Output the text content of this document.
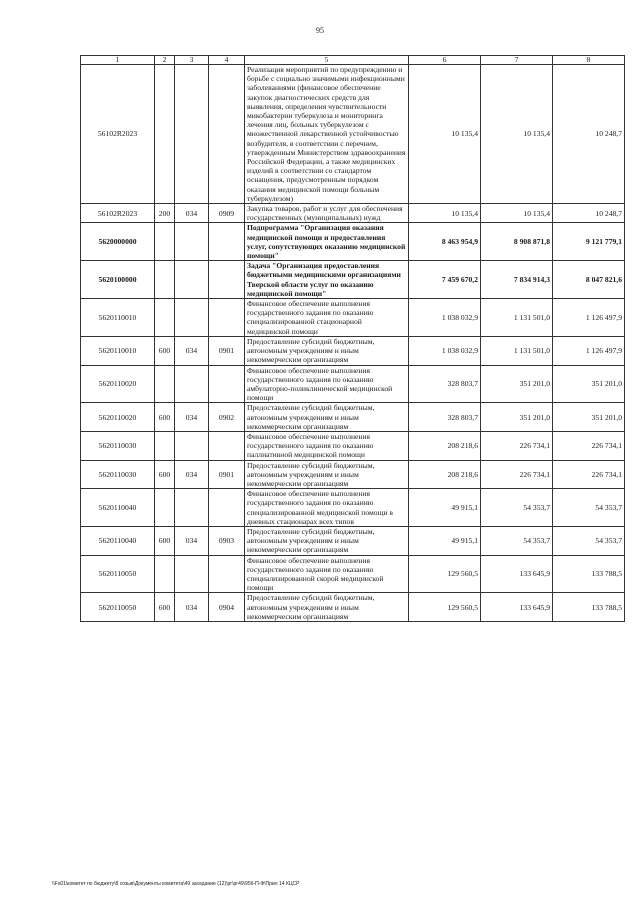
95
1	2	3	4	5	6	7	8
56102R2023				Реализация мероприятий по предупреждению и борьбе с социально значимыми инфекционными заболеваниями (финансовое обеспечение закупок диагностических средств для выявления, определения чувствительности микобактерии туберкулеза и мониторинга лечения лиц, больных туберкулезом с множественной лекарственной устойчивостью возбудителя, в соответствии с перечнем, утвержденным Министерством здравоохранения Российской Федерации, а также медицинских изделий в соответствии со стандартом оснащения, предусмотренным порядком оказания медицинской помощи больным туберкулезом)	10 135,4	10 135,4	10 248,7
56102R2023	200	034	0909	Закупка товаров, работ и услуг для обеспечения государственных (муниципальных) нужд	10 135,4	10 135,4	10 248,7
5620000000				Подпрограмма "Организация оказания медицинской помощи и предоставления услуг, сопутствующих оказанию медицинской помощи"	8 463 954,9	8 908 871,8	9 121 779,1
5620100000				Задача "Организация предоставления бюджетными медицинскими организациями Тверской области услуг по оказанию медицинской помощи"	7 459 670,2	7 834 914,3	8 047 821,6
5620110010				Финансовое обеспечение выполнения государственного задания по оказанию специализированной стационарной медицинской помощи	1 038 032,9	1 131 501,0	1 126 497,9
5620110010	600	034	0901	Предоставление субсидий бюджетным, автономным учреждениям и иным некоммерческим организациям	1 038 032,9	1 131 501,0	1 126 497,9
5620110020				Финансовое обеспечение выполнения государственного задания по оказанию амбулаторно-поликлинической медицинской помощи	328 803,7	351 201,0	351 201,0
5620110020	600	034	0902	Предоставление субсидий бюджетным, автономным учреждениям и иным некоммерческим организациям	328 803,7	351 201,0	351 201,0
5620110030				Финансовое обеспечение выполнения государственного задания по оказанию паллиативной медицинской помощи	208 218,6	226 734,1	226 734,1
5620110030	600	034	0901	Предоставление субсидий бюджетным, автономным учреждениям и иным некоммерческим организациям	208 218,6	226 734,1	226 734,1
5620110040				Финансовое обеспечение выполнения государственного задания по оказанию специализированной медицинской помощи в дневных стационарах всех типов	49 915,1	54 353,7	54 353,7
5620110040	600	034	0903	Предоставление субсидий бюджетным, автономным учреждениям и иным некоммерческим организациям	49 915,1	54 353,7	54 353,7
5620110050				Финансовое обеспечение выполнения государственного задания по оказанию специализированной скорой медицинской помощи	129 560,5	133 645,9	133 788,5
5620110050	600	034	0904	Предоставление субсидий бюджетным, автономным учреждениям и иным некоммерческим организациям	129 560,5	133 645,9	133 788,5
\\Fs01\комитет по бюджету\8 созыв\Документы комитета\49 заседание (12)\рг\рг49\956-П-Ф\Прил 14 КЦСР
